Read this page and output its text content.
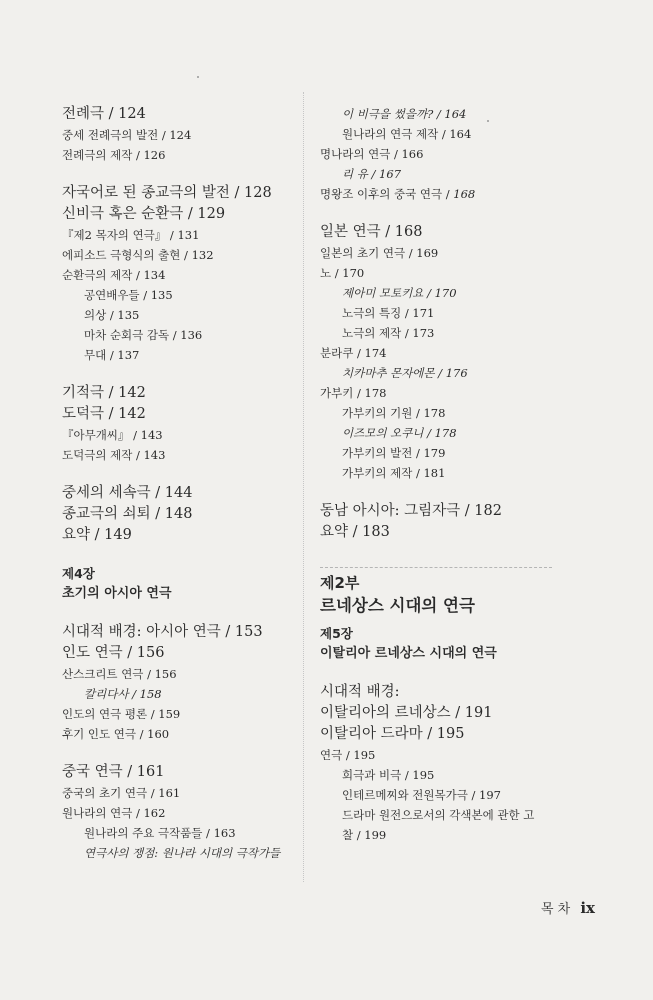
전례극 / 124
중세 전례극의 발전 / 124
전례극의 제작 / 126
자국어로 된 종교극의 발전 / 128
신비극 혹은 순환극 / 129
『제2 목자의 연극』 / 131
에피소드 극형식의 출현 / 132
순환극의 제작 / 134
공연배우들 / 135
의상 / 135
마차 순회극 감독 / 136
무대 / 137
기적극 / 142
도덕극 / 142
『아무개씨』 / 143
도덕극의 제작 / 143
중세의 세속극 / 144
종교극의 쇠퇴 / 148
요약 / 149
제4장
초기의 아시아 연극
시대적 배경: 아시아 연극 / 153
인도 연극 / 156
산스크리트 연극 / 156
칼리다사 / 158
인도의 연극 평론 / 159
후기 인도 연극 / 160
중국 연극 / 161
중국의 초기 연극 / 161
원나라의 연극 / 162
원나라의 주요 극작품들 / 163
연극사의 쟁점: 원나라 시대의 극작가들
이 비극을 썼을까? / 164
원나라의 연극 제작 / 164
명나라의 연극 / 166
리 유 / 167
명왕조 이후의 중국 연극 / 168
일본 연극 / 168
일본의 초기 연극 / 169
노 / 170
제아미 모토키요 / 170
노극의 특징 / 171
노극의 제작 / 173
분라쿠 / 174
치카마추 몬자에몬 / 176
가부키 / 178
가부키의 기원 / 178
이즈모의 오쿠니 / 178
가부키의 발전 / 179
가부키의 제작 / 181
동남 아시아: 그림자극 / 182
요약 / 183
제2부
르네상스 시대의 연극
제5장
이탈리아 르네상스 시대의 연극
시대적 배경:
이탈리아의 르네상스 / 191
이탈리아 드라마 / 195
연극 / 195
희극과 비극 / 195
인테르메찌와 전원목가극 / 197
드라마 원전으로서의 각색본에 관한 고
찰 / 199
목 차 ix
